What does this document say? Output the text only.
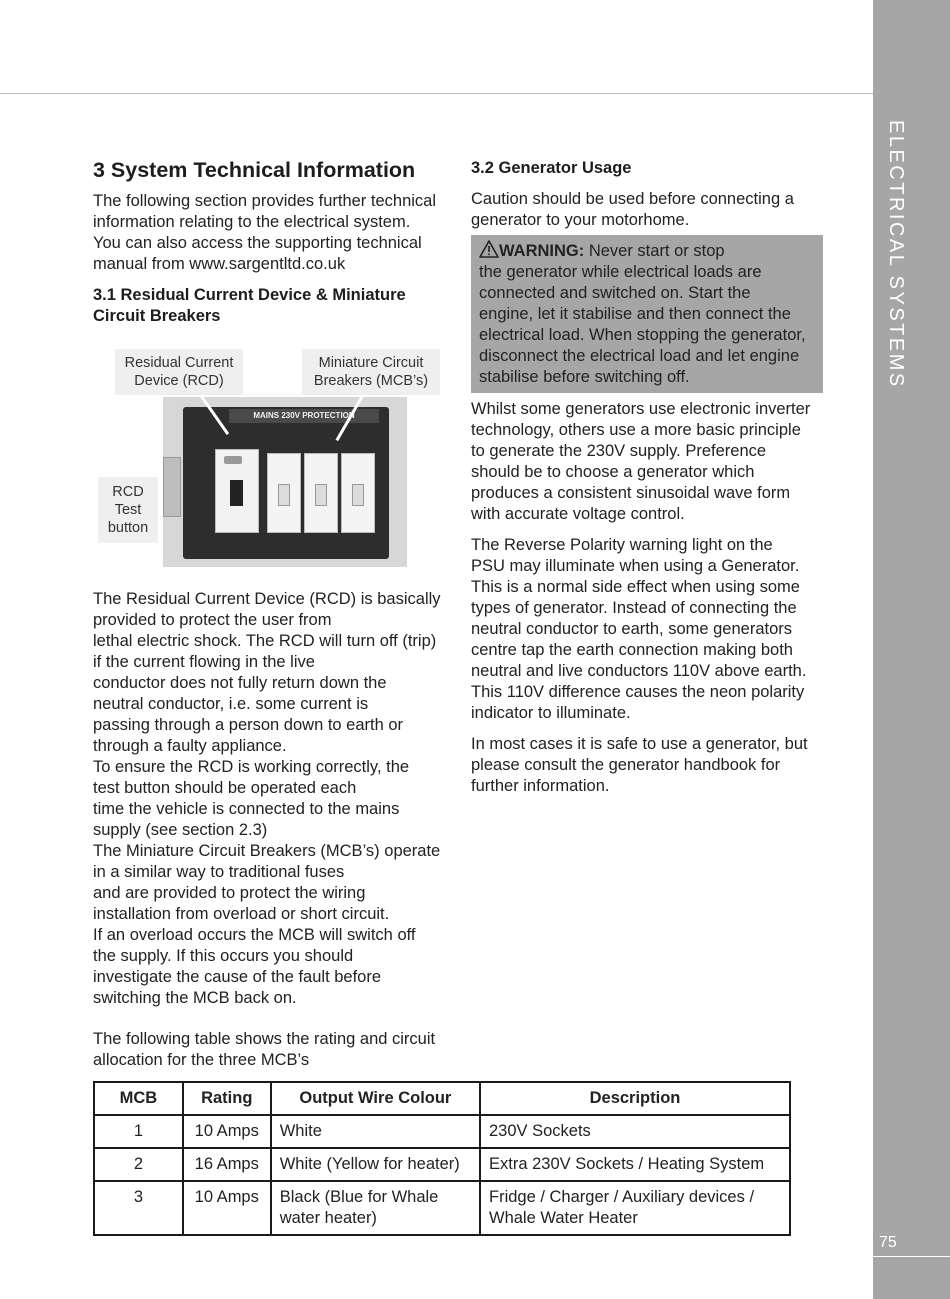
ELECTRICAL SYSTEMS
75
3 System Technical Information

The following section provides further technical
information relating to the electrical system.
You can also access the supporting technical
manual from www.sargentltd.co.uk

3.1 Residual Current Device & Miniature Circuit Breakers
MAINS 230V PROTECTION
Residual Current
Device (RCD)
Miniature Circuit
Breakers (MCB’s)
RCD
Test
button

The Residual Current Device (RCD) is basically
provided to protect the user from
lethal electric shock. The RCD will turn off (trip)
if the current flowing in the live
conductor does not fully return down the
neutral conductor, i.e. some current is
passing through a person down to earth or
through a faulty appliance.
To ensure the RCD is working correctly, the
test button should be operated each
time the vehicle is connected to the mains
supply (see section 2.3)
The Miniature Circuit Breakers (MCB’s) operate
in a similar way to traditional fuses
and are provided to protect the wiring
installation from overload or short circuit.
If an overload occurs the MCB will switch off
the supply. If this occurs you should
investigate the cause of the fault before
switching the MCB back on.

The following table shows the rating and circuit
allocation for the three MCB’s
3.2 Generator Usage

Caution should be used before connecting a
generator to your motorhome.

WARNING: Never start or stop
the generator while electrical loads are
connected and switched on. Start the
engine, let it stabilise and then connect the
electrical load. When stopping the generator,
disconnect the electrical load and let engine
stabilise before switching off.

Whilst some generators use electronic inverter
technology, others use a more basic principle
to generate the 230V supply. Preference
should be to choose a generator which
produces a consistent sinusoidal wave form
with accurate voltage control.

The Reverse Polarity warning light on the
PSU may illuminate when using a Generator.
This is a normal side effect when using some
types of generator. Instead of connecting the
neutral conductor to earth, some generators
centre tap the earth connection making both
neutral and live conductors 110V above earth.
This 110V difference causes the neon polarity
indicator to illuminate.

In most cases it is safe to use a generator, but
please consult the generator handbook for
further information.

MCB	Rating	Output Wire Colour	Description
1	10 Amps	White	230V Sockets

2	16 Amps	White (Yellow for heater)	Extra 230V Sockets / Heating System

3	10 Amps	Black (Blue for Whale
water heater)	Fridge / Charger / Auxiliary devices /
Whale Water Heater
